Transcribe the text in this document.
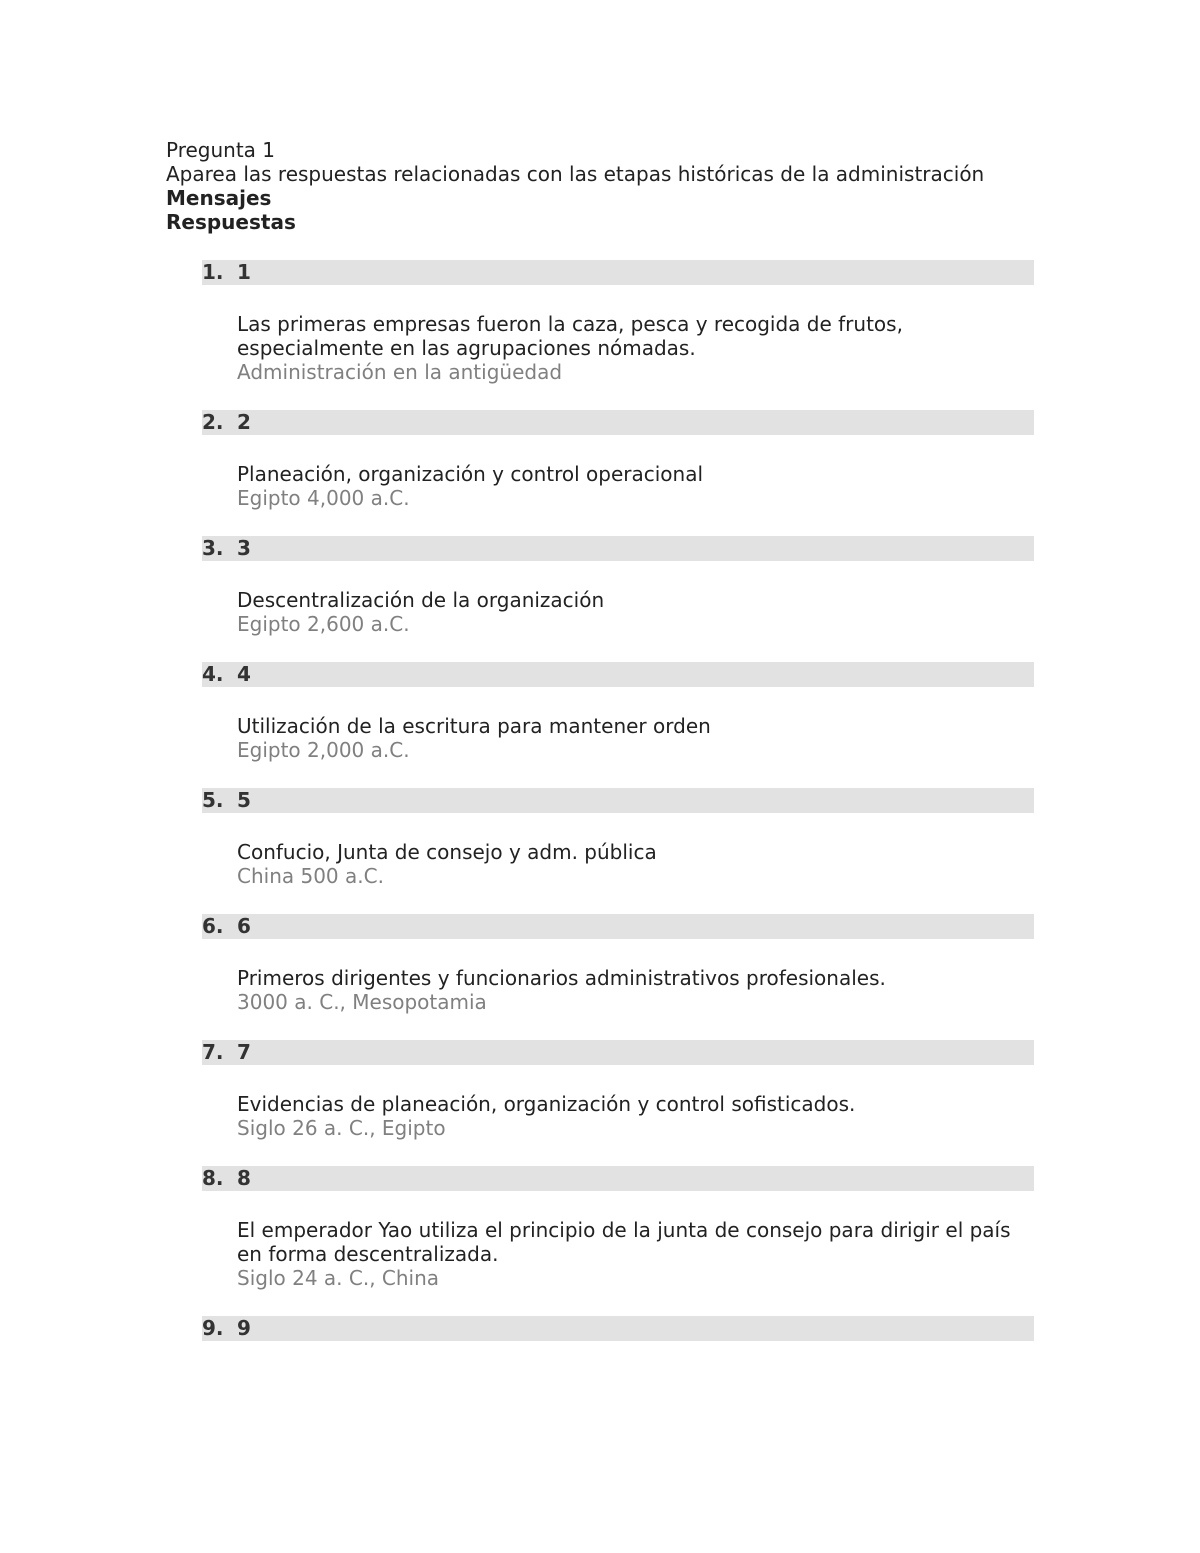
Pregunta 1
Aparea las respuestas relacionadas con las etapas históricas de la administración
Mensajes
Respuestas
1. 1
Las primeras empresas fueron la caza, pesca y recogida de frutos, especialmente en las agrupaciones nómadas.
Administración en la antigüedad
2. 2
Planeación, organización y control operacional
Egipto 4,000 a.C.
3. 3
Descentralización de la organización
Egipto 2,600 a.C.
4. 4
Utilización de la escritura para mantener orden
Egipto 2,000 a.C.
5. 5
Confucio, Junta de consejo y adm. pública
China 500 a.C.
6. 6
Primeros dirigentes y funcionarios administrativos profesionales.
3000 a. C., Mesopotamia
7. 7
Evidencias de planeación, organización y control sofisticados.
Siglo 26 a. C., Egipto
8. 8
El emperador Yao utiliza el principio de la junta de consejo para dirigir el país en forma descentralizada.
Siglo 24 a. C., China
9. 9
